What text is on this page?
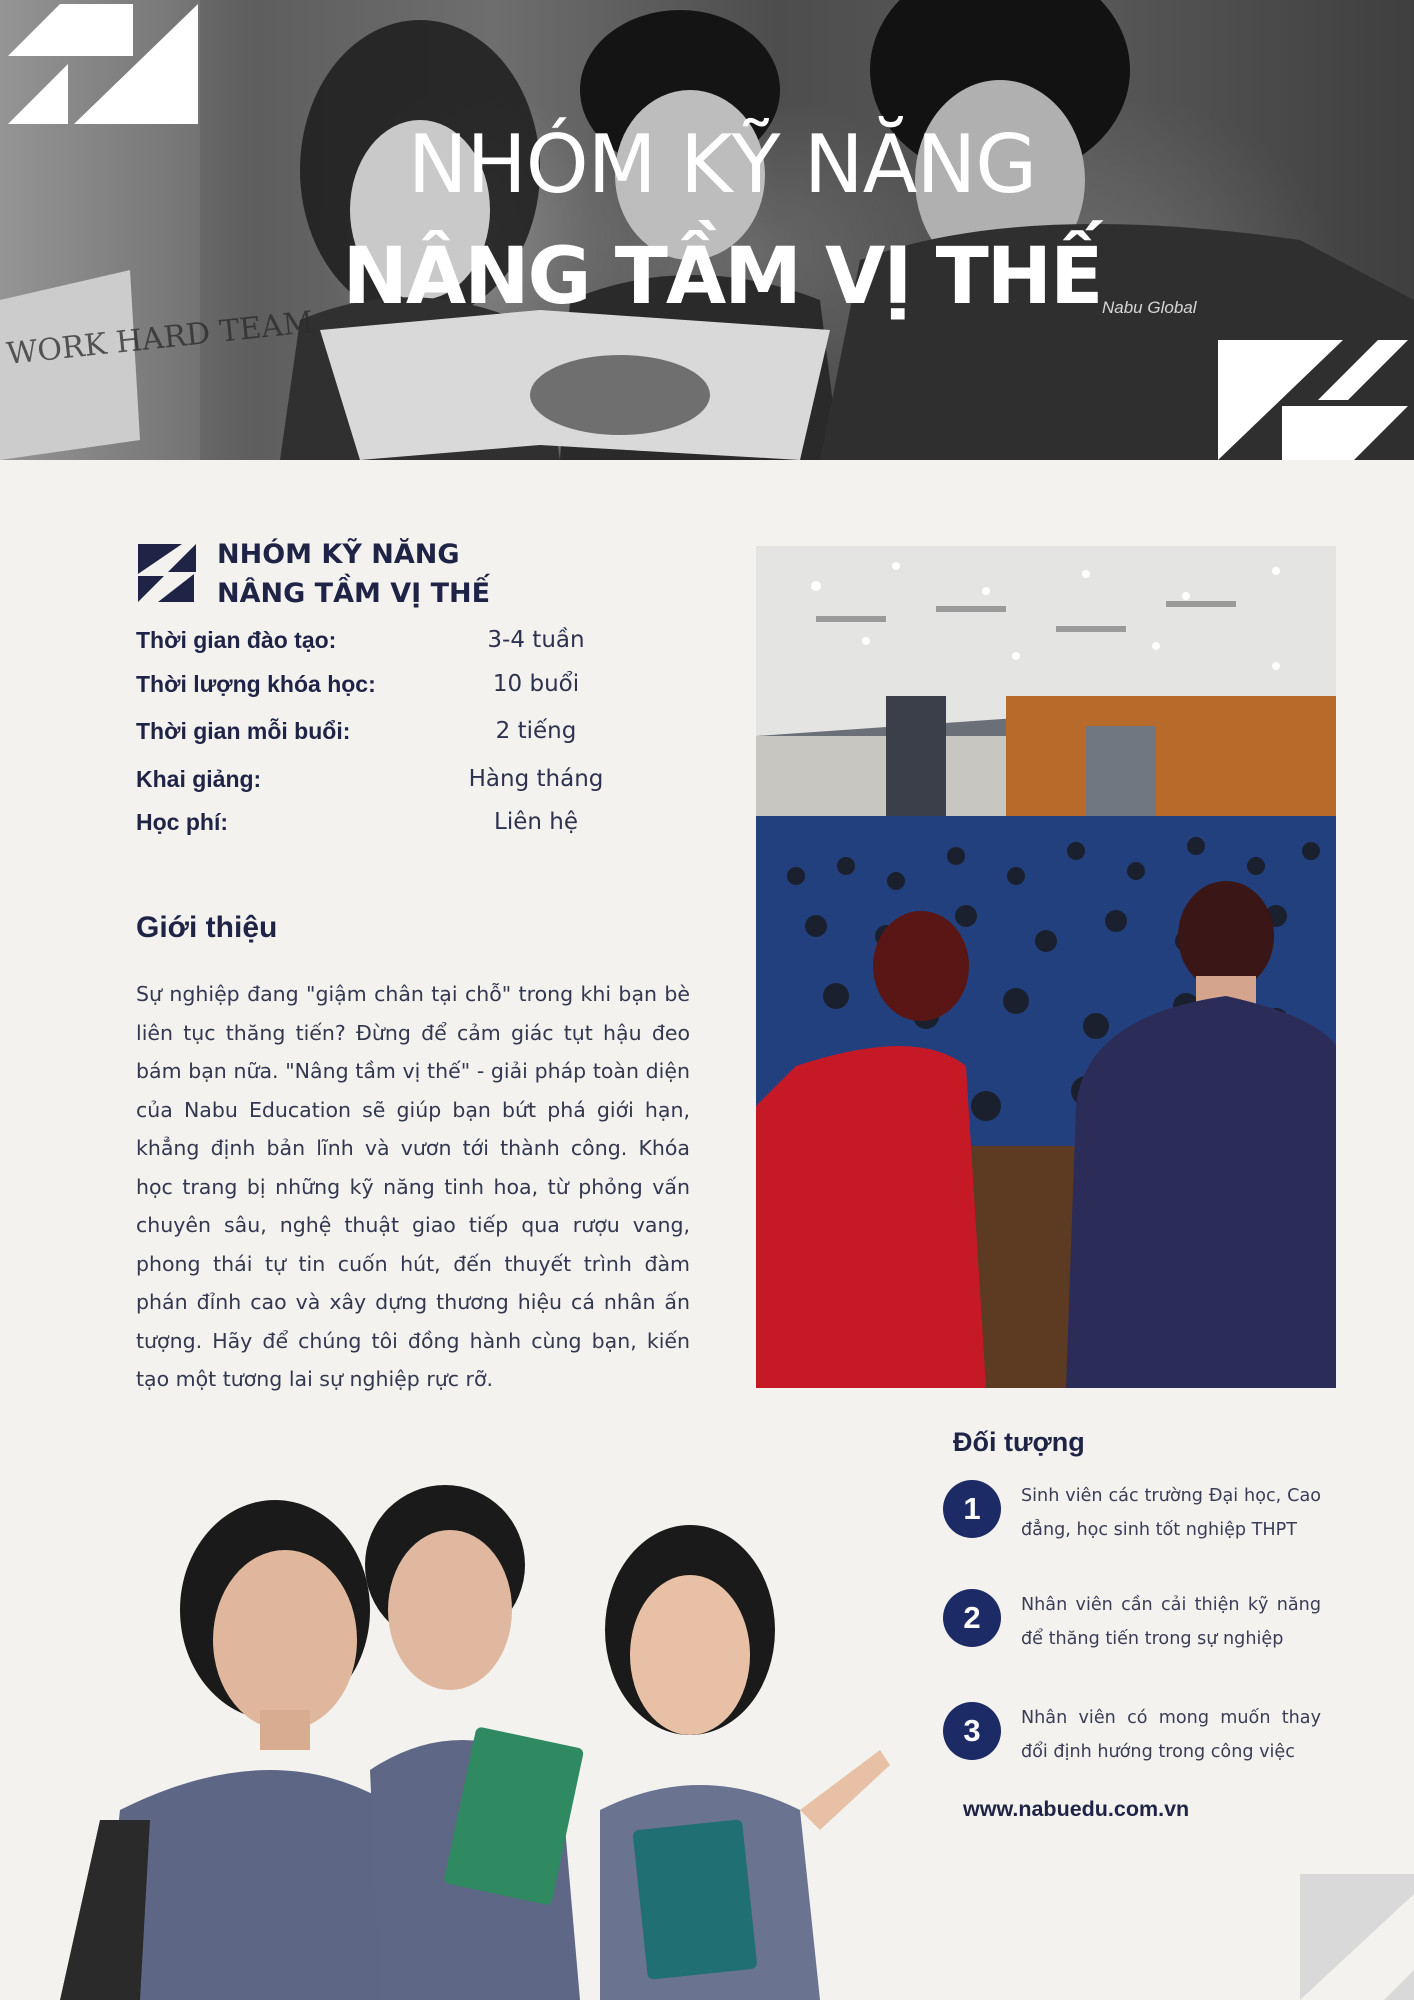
WORK HARD TEAM	Nabu Global
NHÓM KỸ NĂNG
NÂNG TẦM VỊ THẾ
NHÓM KỸ NĂNG
NÂNG TẦM VỊ THẾ
Thời gian đào tạo:	3-4 tuần
Thời lượng khóa học:	10 buổi
Thời gian mỗi buổi:	2 tiếng
Khai giảng:	Hàng tháng
Học phí:	Liên hệ
Giới thiệu
Sự nghiệp đang "giậm chân tại chỗ" trong khi bạn bè liên tục thăng tiến? Đừng để cảm giác tụt hậu đeo bám bạn nữa. "Nâng tầm vị thế" - giải pháp toàn diện của Nabu Education sẽ giúp bạn bứt phá giới hạn, khẳng định bản lĩnh và vươn tới thành công. Khóa học trang bị những kỹ năng tinh hoa, từ phỏng vấn chuyên sâu, nghệ thuật giao tiếp qua rượu vang, phong thái tự tin cuốn hút, đến thuyết trình đàm phán đỉnh cao và xây dựng thương hiệu cá nhân ấn tượng. Hãy để chúng tôi đồng hành cùng bạn, kiến tạo một tương lai sự nghiệp rực rỡ.
Đối tượng
1	Sinh viên các trường Đại học, Cao đẳng, học sinh tốt nghiệp THPT
2	Nhân viên cần cải thiện kỹ năng để thăng tiến trong sự nghiệp
3	Nhân viên có mong muốn thay đổi định hướng trong công việc
www.nabuedu.com.vn
